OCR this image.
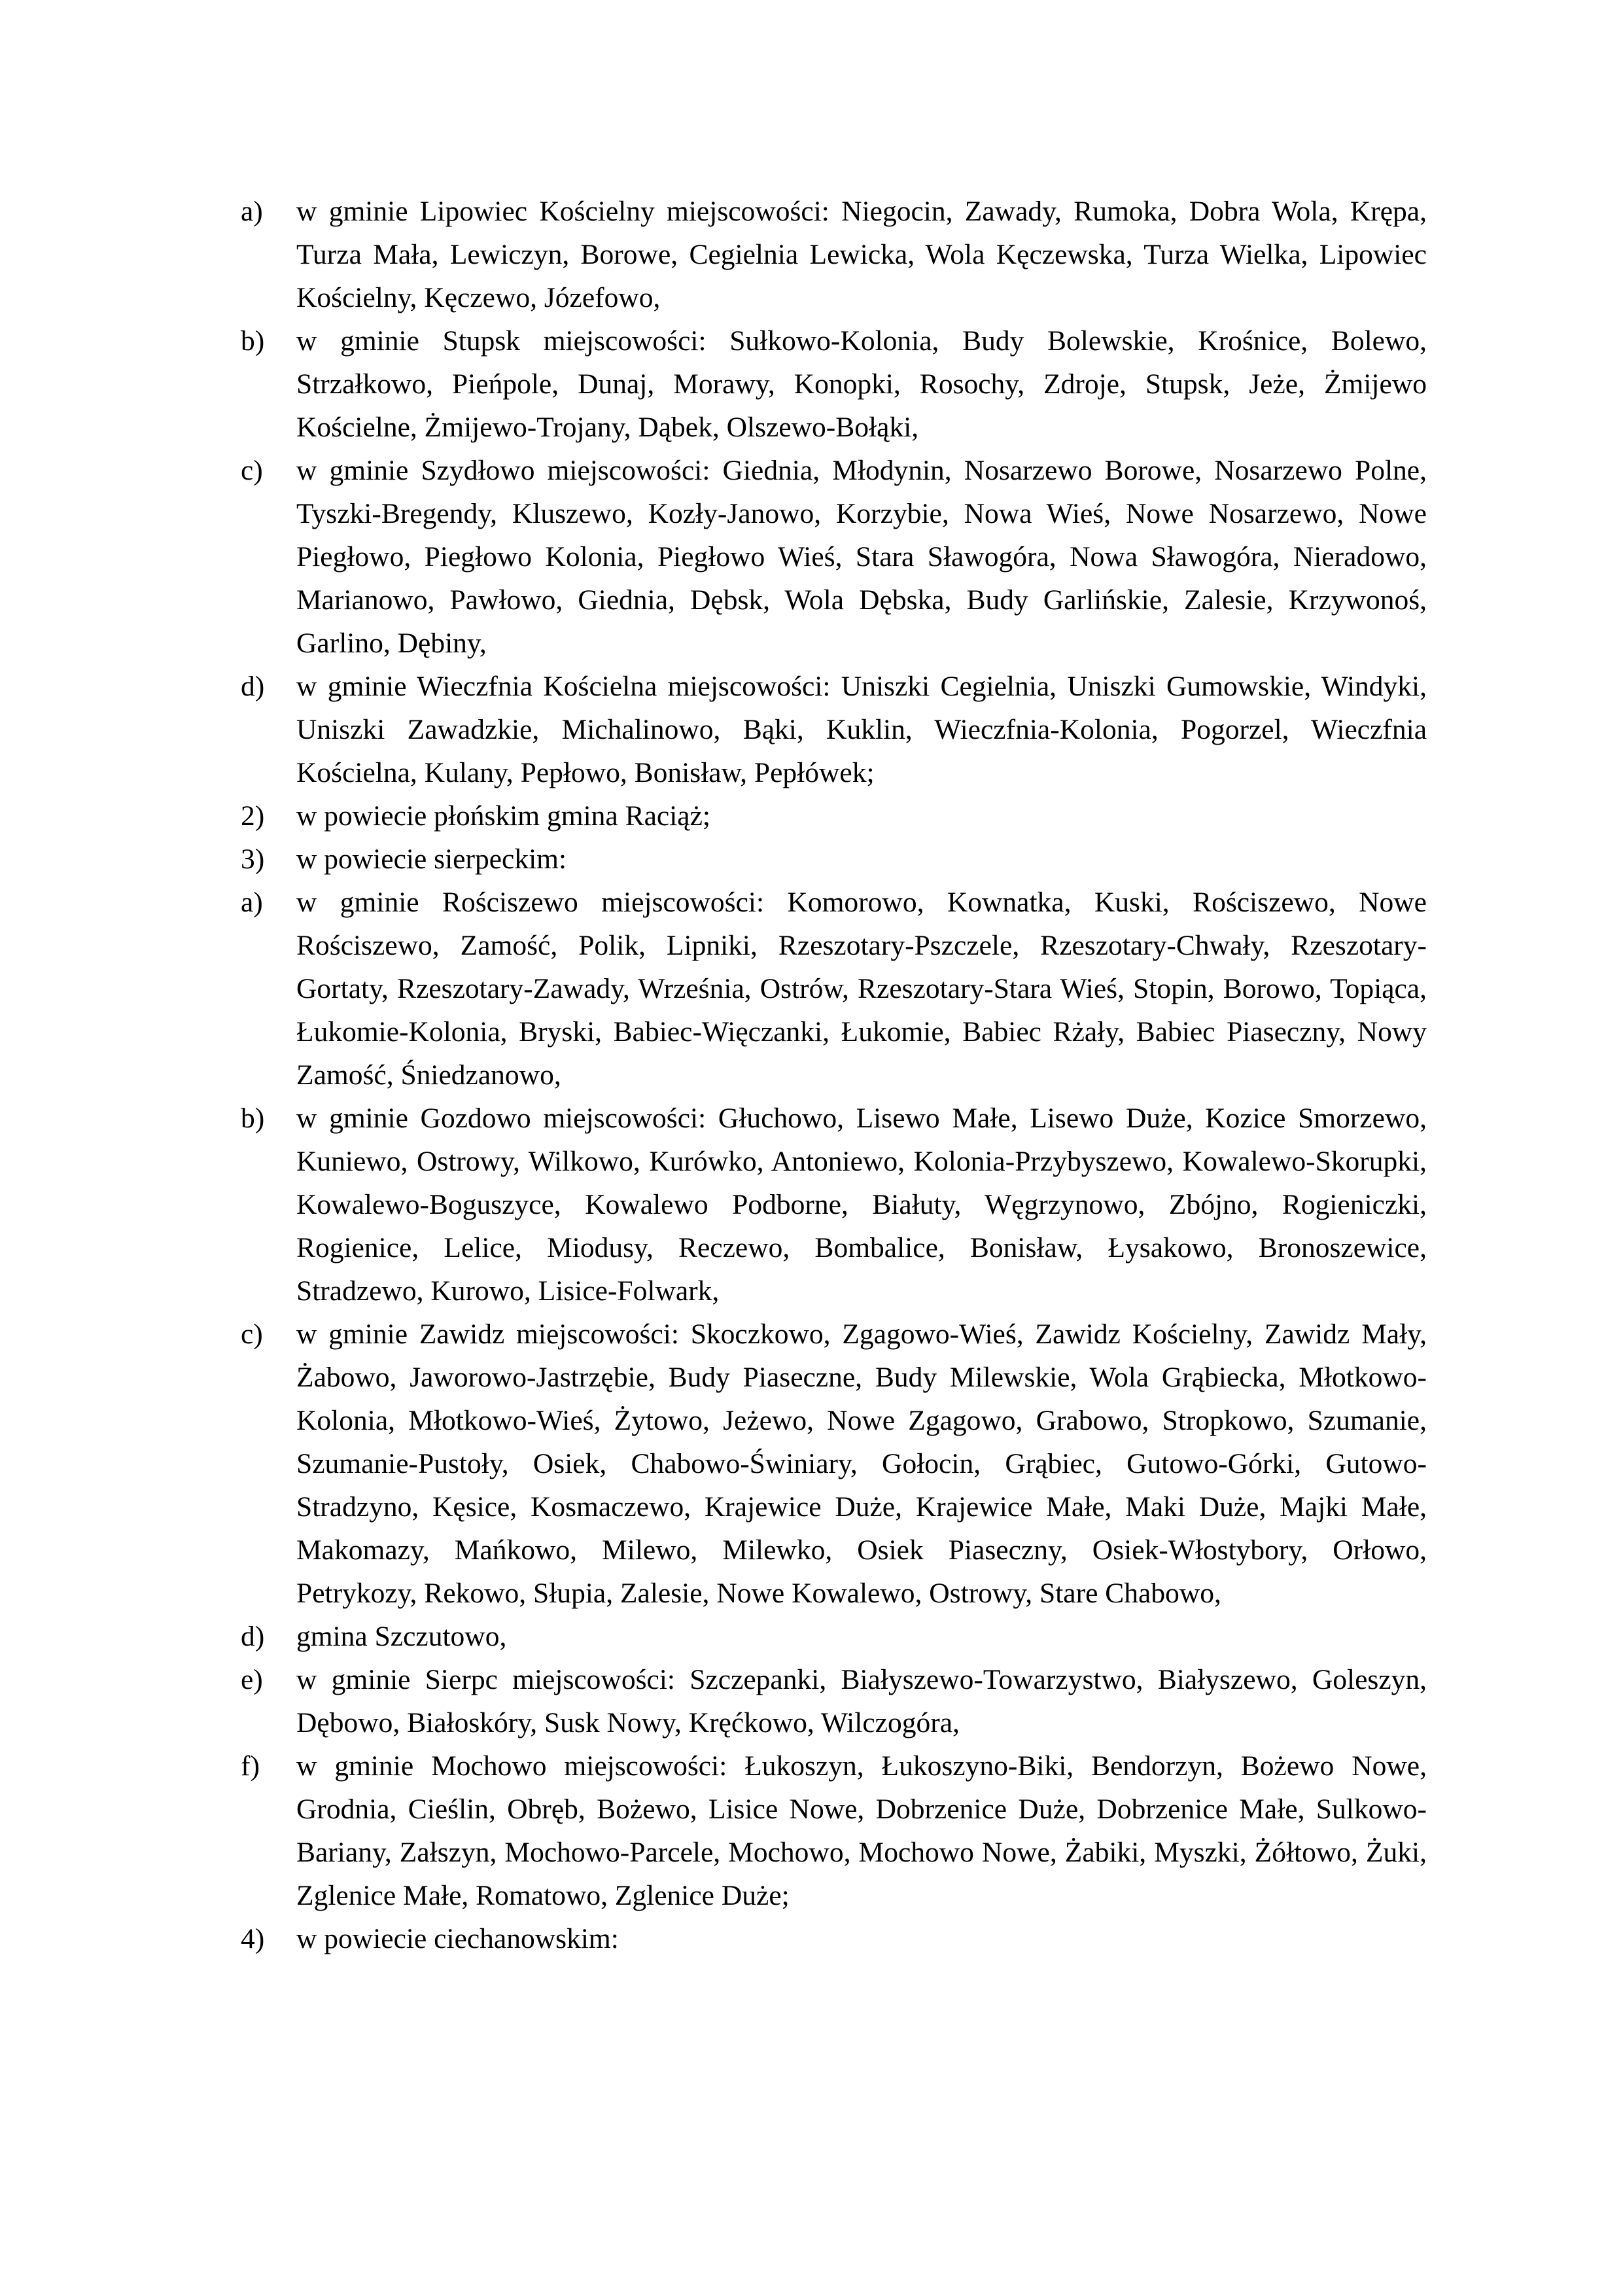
a) w gminie Lipowiec Kościelny miejscowości: Niegocin, Zawady, Rumoka, Dobra Wola, Krępa, Turza Mała, Lewiczyn, Borowe, Cegielnia Lewicka, Wola Kęczewska, Turza Wielka, Lipowiec Kościelny, Kęczewo, Józefowo,

b) w gminie Stupsk miejscowości: Sułkowo-Kolonia, Budy Bolewskie, Krośnice, Bolewo, Strzałkowo, Pieńpole, Dunaj, Morawy, Konopki, Rosochy, Zdroje, Stupsk, Jeże, Żmijewo Kościelne, Żmijewo-Trojany, Dąbek, Olszewo-Bołąki,

c) w gminie Szydłowo miejscowości: Giednia, Młodynin, Nosarzewo Borowe, Nosarzewo Polne, Tyszki-Bregendy, Kluszewo, Kozły-Janowo, Korzybie, Nowa Wieś, Nowe Nosarzewo, Nowe Piegłowo, Piegłowo Kolonia, Piegłowo Wieś, Stara Sławogóra, Nowa Sławogóra, Nieradowo, Marianowo, Pawłowo, Giednia, Dębsk, Wola Dębska, Budy Garlińskie, Zalesie, Krzywonoś, Garlino, Dębiny,

d) w gminie Wieczfnia Kościelna miejscowości: Uniszki Cegielnia, Uniszki Gumowskie, Windyki, Uniszki Zawadzkie, Michalinowo, Bąki, Kuklin, Wieczfnia-Kolonia, Pogorzel, Wieczfnia Kościelna, Kulany, Pepłowo, Bonisław, Pepłówek;

2) w powiecie płońskim gmina Raciąż;

3) w powiecie sierpeckim:

a) w gminie Rościszewo miejscowości: Komorowo, Kownatka, Kuski, Rościszewo, Nowe Rościszewo, Zamość, Polik, Lipniki, Rzeszotary-Pszczele, Rzeszotary-Chwały, Rzeszotary-Gortaty, Rzeszotary-Zawady, Września, Ostrów, Rzeszotary-Stara Wieś, Stopin, Borowo, Topiąca, Łukomie-Kolonia, Bryski, Babiec-Więczanki, Łukomie, Babiec Rżały, Babiec Piaseczny, Nowy Zamość, Śniedzanowo,

b) w gminie Gozdowo miejscowości: Głuchowo, Lisewo Małe, Lisewo Duże, Kozice Smorzewo, Kuniewo, Ostrowy, Wilkowo, Kurówko, Antoniewo, Kolonia-Przybyszewo, Kowalewo-Skorupki, Kowalewo-Boguszyce, Kowalewo Podborne, Białuty, Węgrzynowo, Zbójno, Rogieniczki, Rogienice, Lelice, Miodusy, Reczewo, Bombalice, Bonisław, Łysakowo, Bronoszewice, Stradzewo, Kurowo, Lisice-Folwark,

c) w gminie Zawidz miejscowości: Skoczkowo, Zgagowo-Wieś, Zawidz Kościelny, Zawidz Mały, Żabowo, Jaworowo-Jastrzębie, Budy Piaseczne, Budy Milewskie, Wola Grąbiecka, Młotkowo-Kolonia, Młotkowo-Wieś, Żytowo, Jeżewo, Nowe Zgagowo, Grabowo, Stropkowo, Szumanie, Szumanie-Pustoły, Osiek, Chabowo-Świniary, Gołocin, Grąbiec, Gutowo-Górki, Gutowo-Stradzyno, Kęsice, Kosmaczewo, Krajewice Duże, Krajewice Małe, Maki Duże, Majki Małe, Makomazy, Mańkowo, Milewo, Milewko, Osiek Piaseczny, Osiek-Włostybory, Orłowo, Petrykozy, Rekowo, Słupia, Zalesie, Nowe Kowalewo, Ostrowy, Stare Chabowo,

d) gmina Szczutowo,

e) w gminie Sierpc miejscowości: Szczepanki, Białyszewo-Towarzystwo, Białyszewo, Goleszyn, Dębowo, Białoskóry, Susk Nowy, Kręćkowo, Wilczogóra,

f) w gminie Mochowo miejscowości: Łukoszyn, Łukoszyno-Biki, Bendorzyn, Bożewo Nowe, Grodnia, Cieślin, Obręb, Bożewo, Lisice Nowe, Dobrzenice Duże, Dobrzenice Małe, Sulkowo-Bariany, Załszyn, Mochowo-Parcele, Mochowo, Mochowo Nowe, Żabiki, Myszki, Żółtowo, Żuki, Zglenice Małe, Romatowo, Zglenice Duże;

4) w powiecie ciechanowskim:
